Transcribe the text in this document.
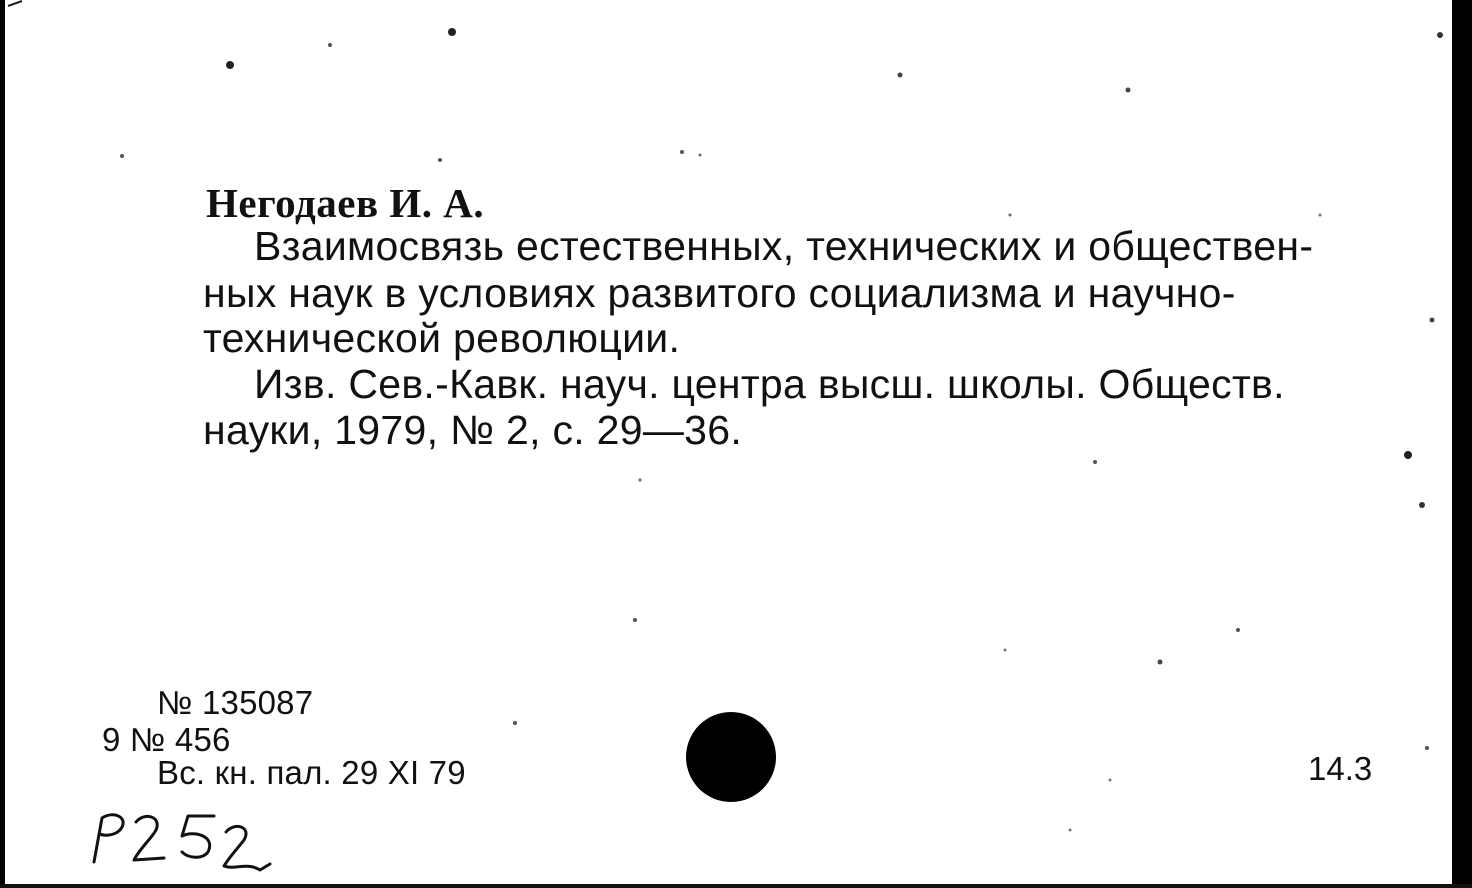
Негодаев И. А.
Взаимосвязь естественных, технических и обществен-
ных наук в условиях развитого социализма и научно-
технической революции.
Изв. Сев.-Кавк. науч. центра высш. школы. Обществ.
науки, 1979, № 2, с. 29—36.
№ 135087
9 № 456
Вс. кн. пал. 29 XI 79	14.3
